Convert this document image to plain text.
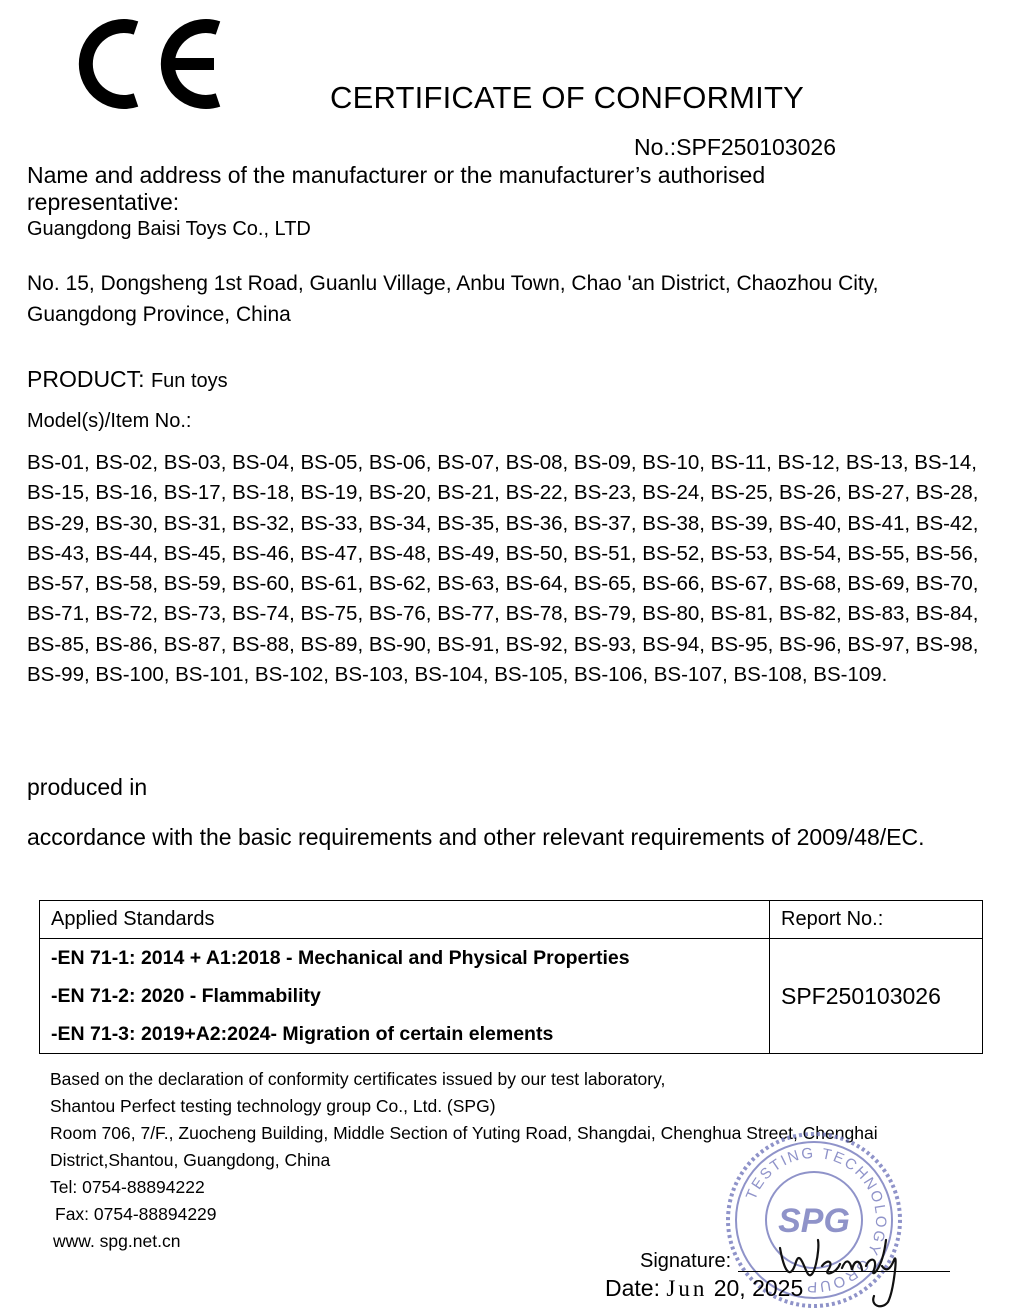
CERTIFICATE OF CONFORMITY
No.:SPF250103026
Name and address of the manufacturer or the manufacturer’s authorised representative:
Guangdong Baisi Toys Co., LTD
No. 15, Dongsheng 1st Road, Guanlu Village, Anbu Town, Chao 'an District, Chaozhou City, Guangdong Province, China
PRODUCT: Fun toys
Model(s)/Item No.:
BS-01, BS-02, BS-03, BS-04, BS-05, BS-06, BS-07, BS-08, BS-09, BS-10, BS-11, BS-12, BS-13, BS-14, BS-15, BS-16, BS-17, BS-18, BS-19, BS-20, BS-21, BS-22, BS-23, BS-24, BS-25, BS-26, BS-27, BS-28, BS-29, BS-30, BS-31, BS-32, BS-33, BS-34, BS-35, BS-36, BS-37, BS-38, BS-39, BS-40, BS-41, BS-42, BS-43, BS-44, BS-45, BS-46, BS-47, BS-48, BS-49, BS-50, BS-51, BS-52, BS-53, BS-54, BS-55, BS-56, BS-57, BS-58, BS-59, BS-60, BS-61, BS-62, BS-63, BS-64, BS-65, BS-66, BS-67, BS-68, BS-69, BS-70, BS-71, BS-72, BS-73, BS-74, BS-75, BS-76, BS-77, BS-78, BS-79, BS-80, BS-81, BS-82, BS-83, BS-84, BS-85, BS-86, BS-87, BS-88, BS-89, BS-90, BS-91, BS-92, BS-93, BS-94, BS-95, BS-96, BS-97, BS-98, BS-99, BS-100, BS-101, BS-102, BS-103, BS-104, BS-105, BS-106, BS-107, BS-108, BS-109.
produced in
accordance with the basic requirements and other relevant requirements of 2009/48/EC.
Applied Standards	Report No.:

-EN 71-1: 2014 + A1:2018 - Mechanical and Physical Properties
-EN 71-2: 2020 - Flammability
-EN 71-3: 2019+A2:2024- Migration of certain elements	SPF250103026
Based on the declaration of conformity certificates issued by our test laboratory,
Shantou Perfect testing technology group Co., Ltd. (SPG)
Room 706, 7/F., Zuocheng Building, Middle Section of Yuting Road, Shangdai, Chenghua Street, Chenghai
District,Shantou, Guangdong, China
Tel: 0754-88894222
Fax: 0754-88894229
www. spg.net.cn
TESTING TECHNOLOGY GROUP
SPG
Signature:
Date: Jun 20, 2025
